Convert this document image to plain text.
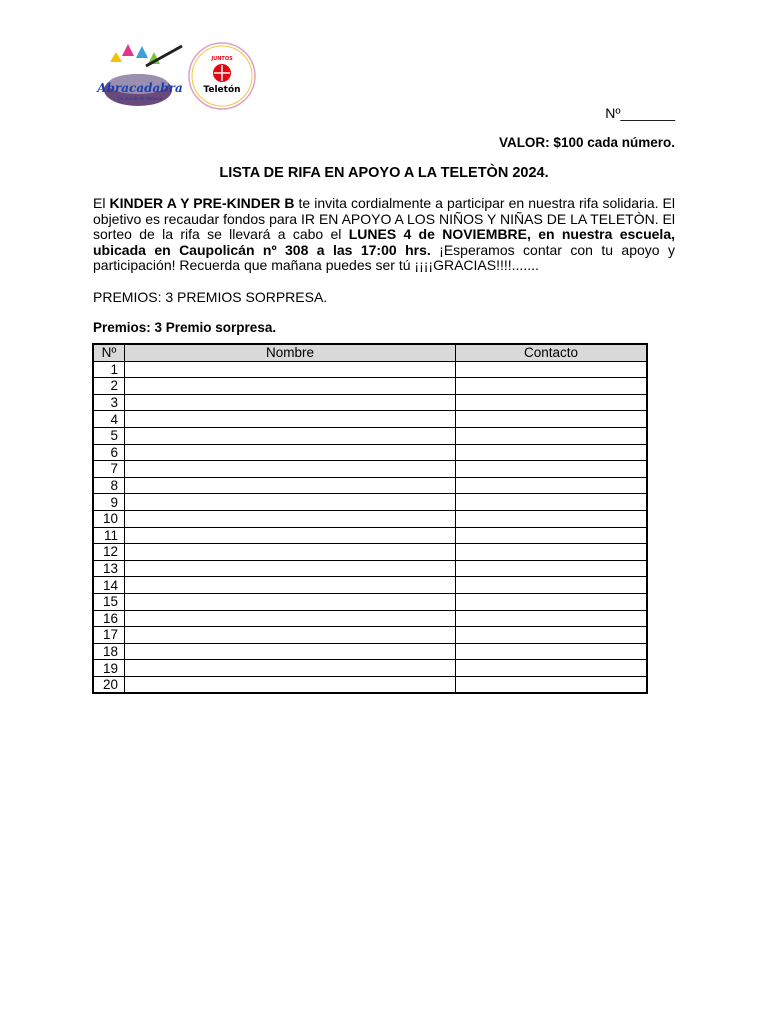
Abracadabra
Un mundo de fantasía
JUNTOS
Teletón
Nº_______
VALOR: $100 cada número.
LISTA DE RIFA EN APOYO A LA TELETÒN 2024.
El KINDER A Y PRE-KINDER B te invita cordialmente a participar en nuestra rifa solidaria. El objetivo es recaudar fondos para IR EN APOYO A LOS NIÑOS Y NIÑAS DE LA TELETÒN. El sorteo de la rifa se llevará a cabo el LUNES 4 de NOVIEMBRE, en nuestra escuela, ubicada en Caupolicán nº 308 a las 17:00 hrs. ¡Esperamos contar con tu apoyo y participación! Recuerda que mañana puedes ser tú ¡¡¡¡GRACIAS!!!!.......
PREMIOS: 3 PREMIOS SORPRESA.
Premios: 3 Premio sorpresa.
Nº	Nombre	Contacto
1		
2		
3		
4		
5		
6		
7		
8		
9		
10		
11		
12		
13		
14		
15		
16		
17		
18		
19		
20		
